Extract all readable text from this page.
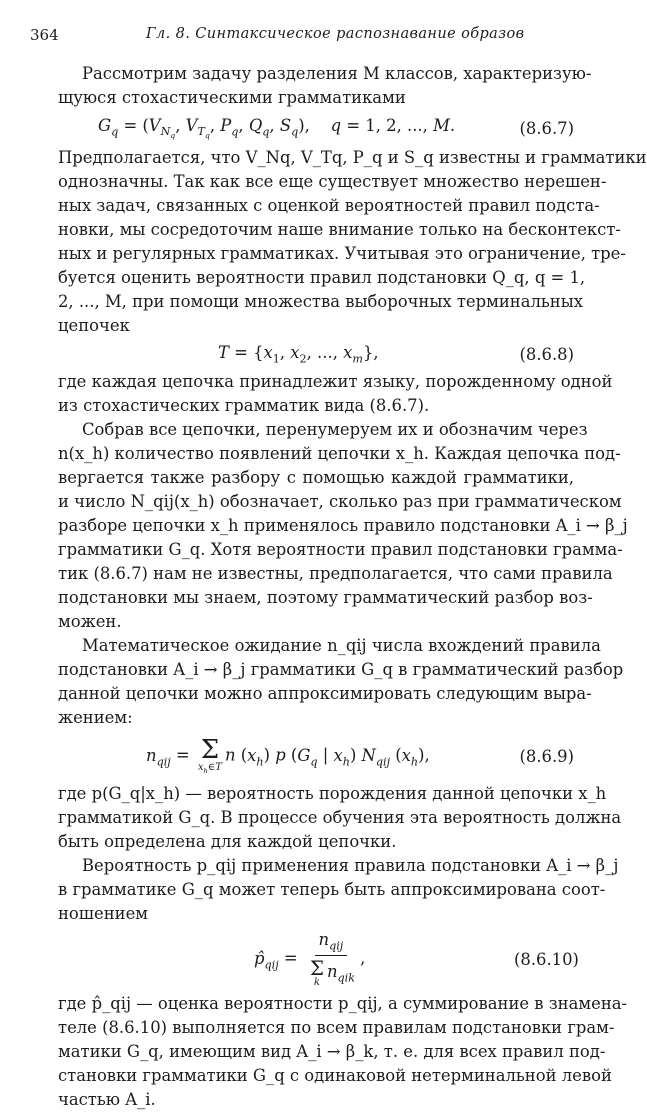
364	Гл. 8. Синтаксическое распознавание образов

Рассмотрим задачу разделения M классов, характеризую-

щуюся стохастическими грамматиками

$G_q = (V_{N_q}$, $V_{T_q}$, $P_q$, $Q_q$, $S_q$),    q = 1, 2, ..., M.	(8.6.7)

Предполагается, что V_Nq, V_Tq, P_q и S_q известны и грамматики

однозначны. Так как все еще существует множество нерешен-

ных задач, связанных с оценкой вероятностей правил подста-

новки, мы сосредоточим наше внимание только на бесконтекст-

ных и регулярных грамматиках. Учитывая это ограничение, тре-

буется оценить вероятности правил подстановки Q_q, q = 1,

2, ..., M, при помощи множества выборочных терминальных

цепочек

$T = \{x_1$, $x_2$, ..., $x_m$},	(8.6.8)

где каждая цепочка принадлежит языку, порожденному одной

из стохастических грамматик вида (8.6.7).

Собрав все цепочки, перенумеруем их и обозначим через

n(x_h) количество появлений цепочки x_h. Каждая цепочка под-

вергается также разбору с помощью каждой грамматики,

и число N_qij(x_h) обозначает, сколько раз при грамматическом

разборе цепочки x_h применялось правило подстановки A_i → β_j

грамматики G_q. Хотя вероятности правил подстановки грамма-

тик (8.6.7) нам не известны, предполагается, что сами правила

подстановки мы знаем, поэтому грамматический разбор воз-

можен.

Математическое ожидание n_qij числа вхождений правила

подстановки A_i → β_j грамматики G_q в грамматический разбор

данной цепочки можно аппроксимировать следующим выра-

жением:

$n_{qij} = \Sigma$
$x_h\in T$
n $(x_h)$ p ($G_q$ | $x_h$) $N_{qij}$ $(x_h)$,	(8.6.9)

где p(G_q|x_h) — вероятность порождения данной цепочки x_h

грамматикой G_q. В процессе обучения эта вероятность должна

быть определена для каждой цепочки.

Вероятность p_qij применения правила подстановки A_i → β_j

в грамматике G_q может теперь быть аппроксимирована соот-

ношением

$p̂_{qij} = n_{qij}$
Σ
k
$n_{qik}$ ,	(8.6.10)

где p̂_qij — оценка вероятности p_qij, а суммирование в знамена-

теле (8.6.10) выполняется по всем правилам подстановки грам-

матики G_q, имеющим вид A_i → β_k, т. е. для всех правил под-

становки грамматики G_q с одинаковой нетерминальной левой

частью A_i.
